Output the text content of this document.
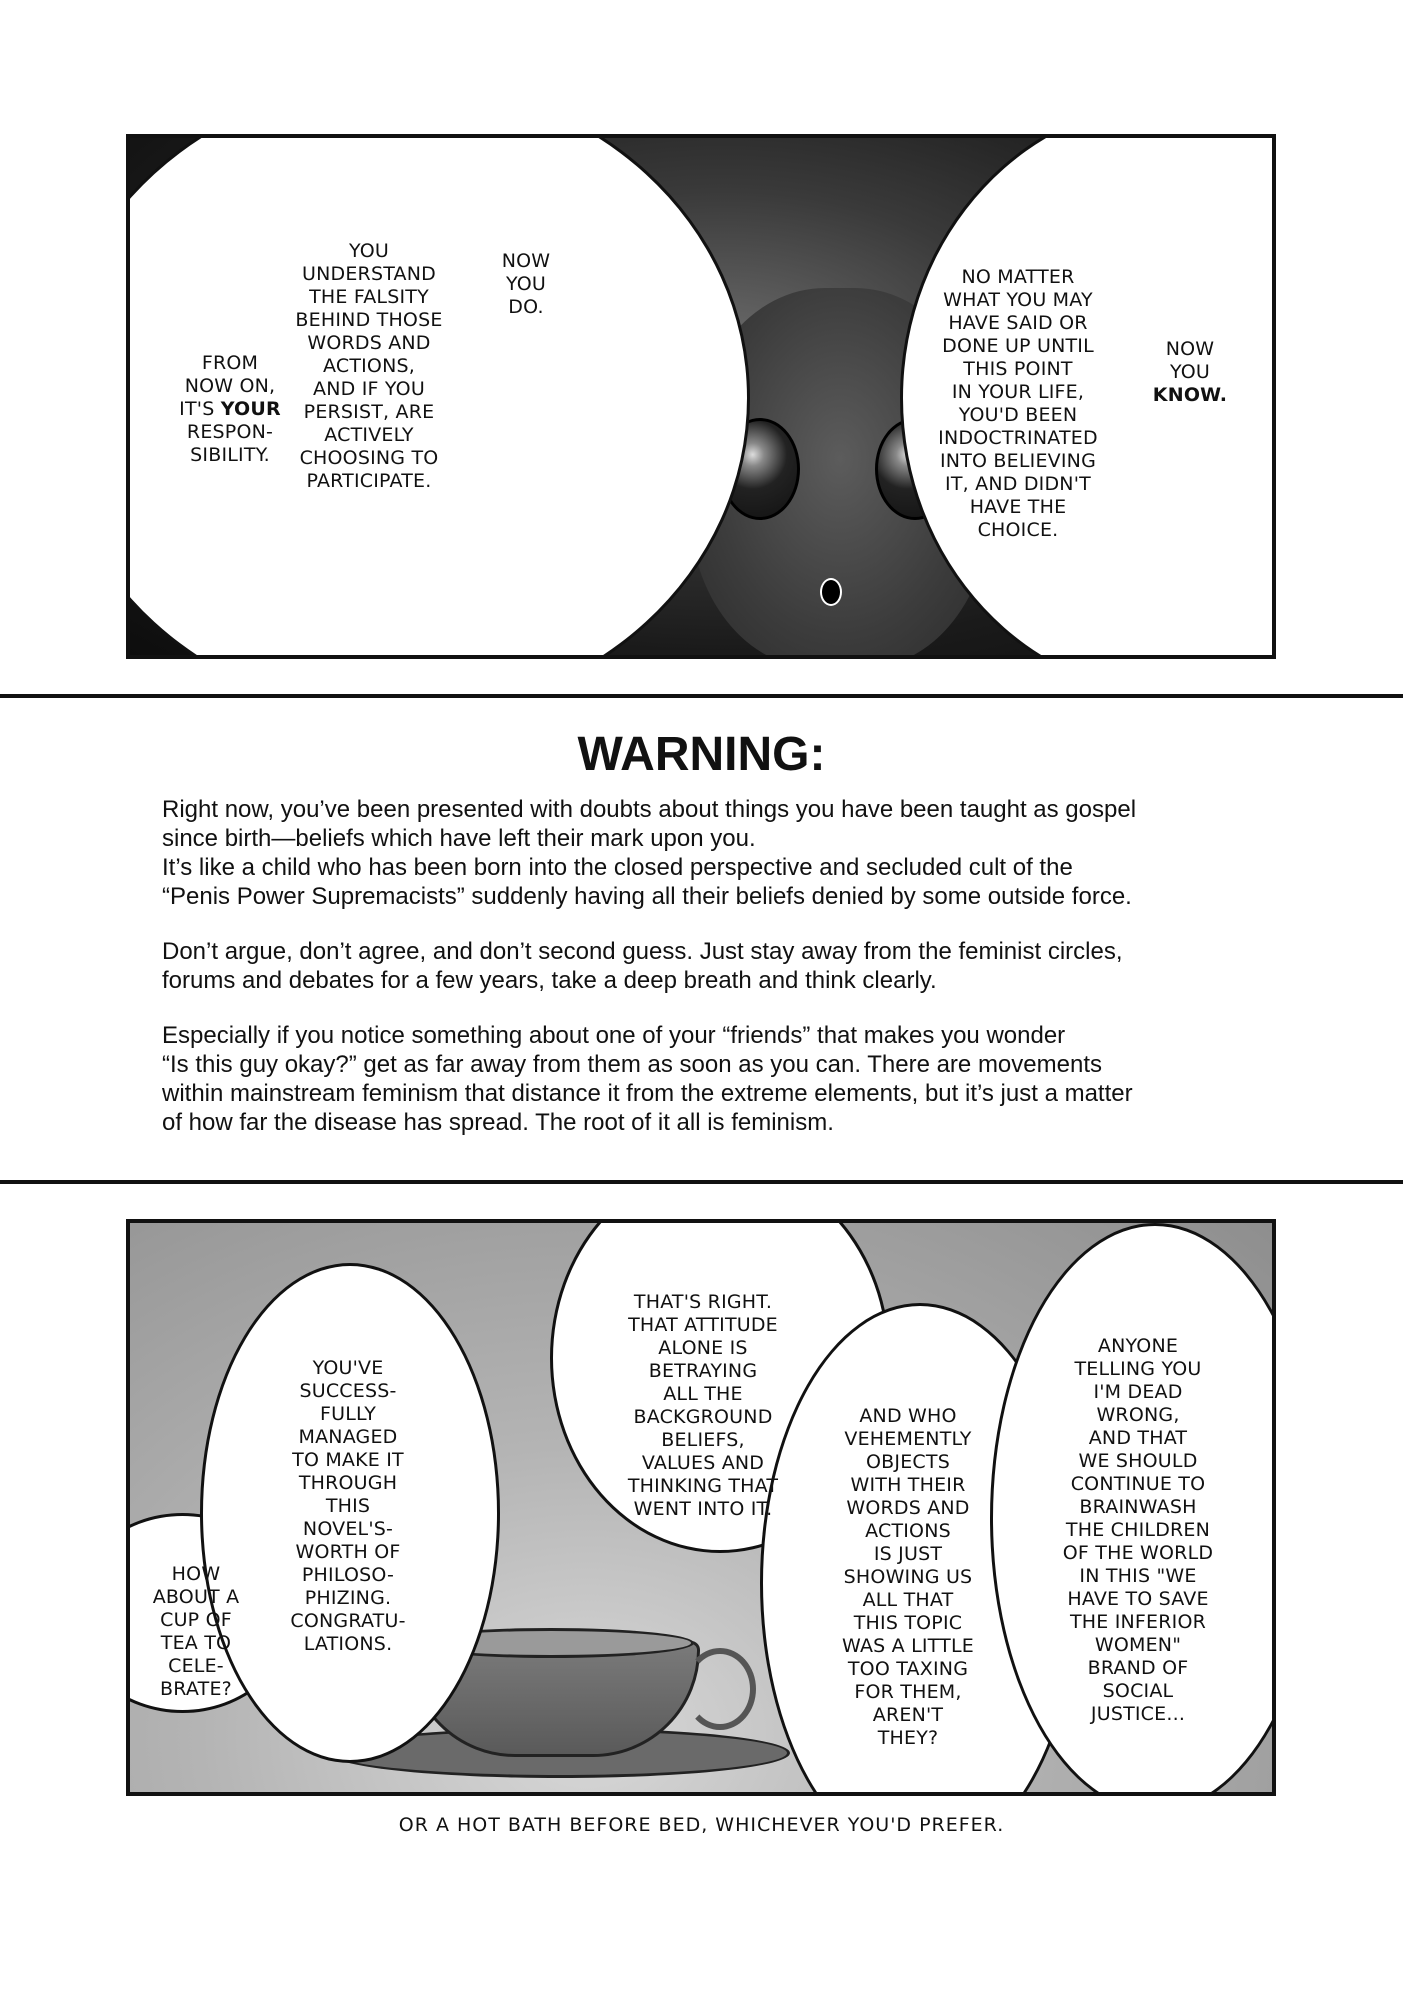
FROM
NOW ON,
IT'S YOUR
RESPON-
SIBILITY.
YOU
UNDERSTAND
THE FALSITY
BEHIND THOSE
WORDS AND
ACTIONS,
AND IF YOU
PERSIST, ARE
ACTIVELY
CHOOSING TO
PARTICIPATE.
NOW
YOU
DO.
NO MATTER
WHAT YOU MAY
HAVE SAID OR
DONE UP UNTIL
THIS POINT
IN YOUR LIFE,
YOU'D BEEN
INDOCTRINATED
INTO BELIEVING
IT, AND DIDN'T
HAVE THE
CHOICE.
NOW
YOU
KNOW.
WARNING:
Right now, you’ve been presented with doubts about things you have been taught as gospel
since birth—beliefs which have left their mark upon you.
It’s like a child who has been born into the closed perspective and secluded cult of the
“Penis Power Supremacists” suddenly having all their beliefs denied by some outside force.
Don’t argue, don’t agree, and don’t second guess. Just stay away from the feminist circles,
forums and debates for a few years, take a deep breath and think clearly.
Especially if you notice something about one of your “friends” that makes you wonder
“Is this guy okay?” get as far away from them as soon as you can. There are movements
within mainstream feminism that distance it from the extreme elements, but it’s just a matter
of how far the disease has spread. The root of it all is feminism.
HOW
ABOUT A
CUP OF
TEA TO
CELE-
BRATE?
YOU'VE
SUCCESS-
FULLY
MANAGED
TO MAKE IT
THROUGH
THIS
NOVEL'S-
WORTH OF
PHILOSO-
PHIZING.
CONGRATU-
LATIONS.
THAT'S RIGHT.
THAT ATTITUDE
ALONE IS
BETRAYING
ALL THE
BACKGROUND
BELIEFS,
VALUES AND
THINKING THAT
WENT INTO IT.
AND WHO
VEHEMENTLY
OBJECTS
WITH THEIR
WORDS AND
ACTIONS
IS JUST
SHOWING US
ALL THAT
THIS TOPIC
WAS A LITTLE
TOO TAXING
FOR THEM,
AREN'T
THEY?
ANYONE
TELLING YOU
I'M DEAD
WRONG,
AND THAT
WE SHOULD
CONTINUE TO
BRAINWASH
THE CHILDREN
OF THE WORLD
IN THIS "WE
HAVE TO SAVE
THE INFERIOR
WOMEN"
BRAND OF
SOCIAL
JUSTICE...
OR A HOT BATH BEFORE BED, WHICHEVER YOU'D PREFER.
